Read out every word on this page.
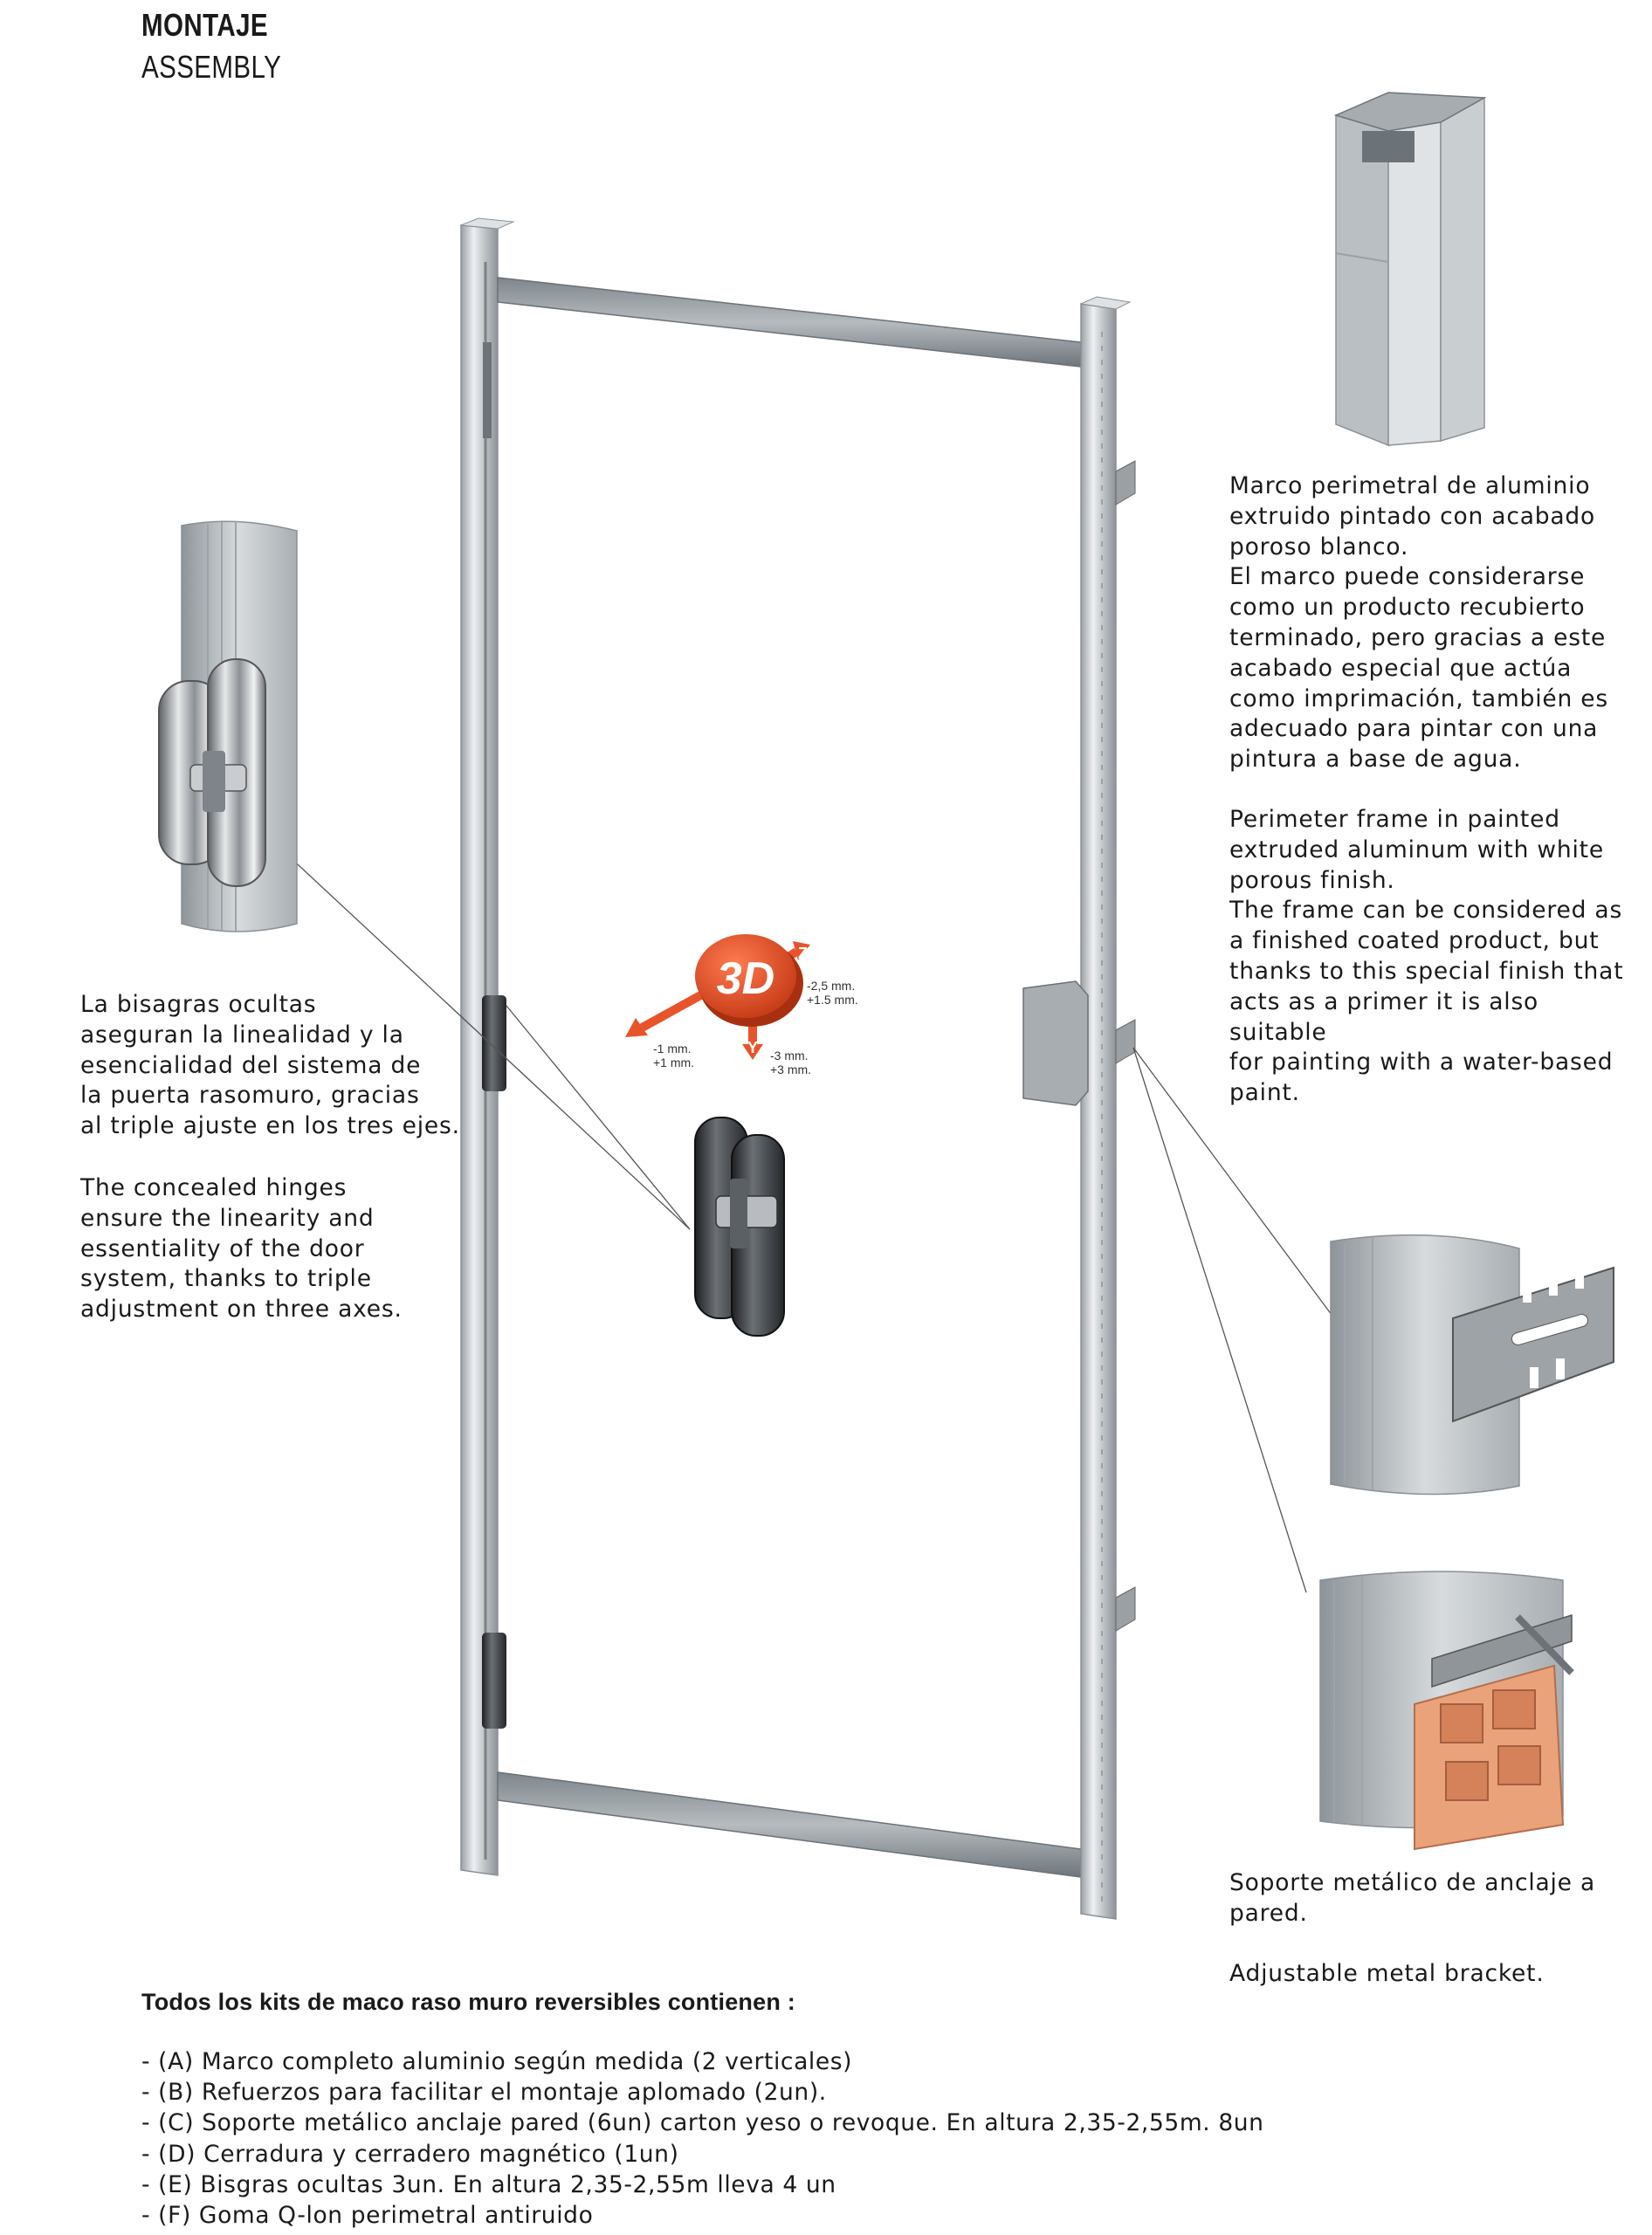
MONTAJE
ASSEMBLY
3D
X
Y
Z
-1 mm.
+1 mm.	-3 mm.
+3 mm.
-2,5 mm.
+1.5 mm.
La bisagras ocultas
aseguran la linealidad y la
esencialidad del sistema de
la puerta rasomuro, gracias
al triple ajuste en los tres ejes.
The concealed hinges
ensure the linearity and
essentiality of the door
system, thanks to triple
adjustment on three axes.
Marco perimetral de aluminio
extruido pintado con acabado
poroso blanco.
El marco puede considerarse
como un producto recubierto
terminado, pero gracias a este
acabado especial que actúa
como imprimación, también es
adecuado para pintar con una
pintura a base de agua.
Perimeter frame in painted
extruded aluminum with white
porous finish.
The frame can be considered as
a finished coated product, but
thanks to this special finish that
acts as a primer it is also suitable
for painting with a water-based
paint.
Soporte metálico de anclaje a
pared.
Adjustable metal bracket.
Todos los kits de maco raso muro reversibles contienen :
- (A) Marco completo aluminio según medida (2 verticales)
- (B) Refuerzos para facilitar el montaje aplomado (2un).
- (C) Soporte metálico anclaje pared (6un) carton yeso o revoque. En altura 2,35-2,55m. 8un
- (D) Cerradura y cerradero magnético (1un)
- (E) Bisgras ocultas 3un. En altura 2,35-2,55m lleva 4 un
- (F) Goma Q-lon perimetral antiruido
